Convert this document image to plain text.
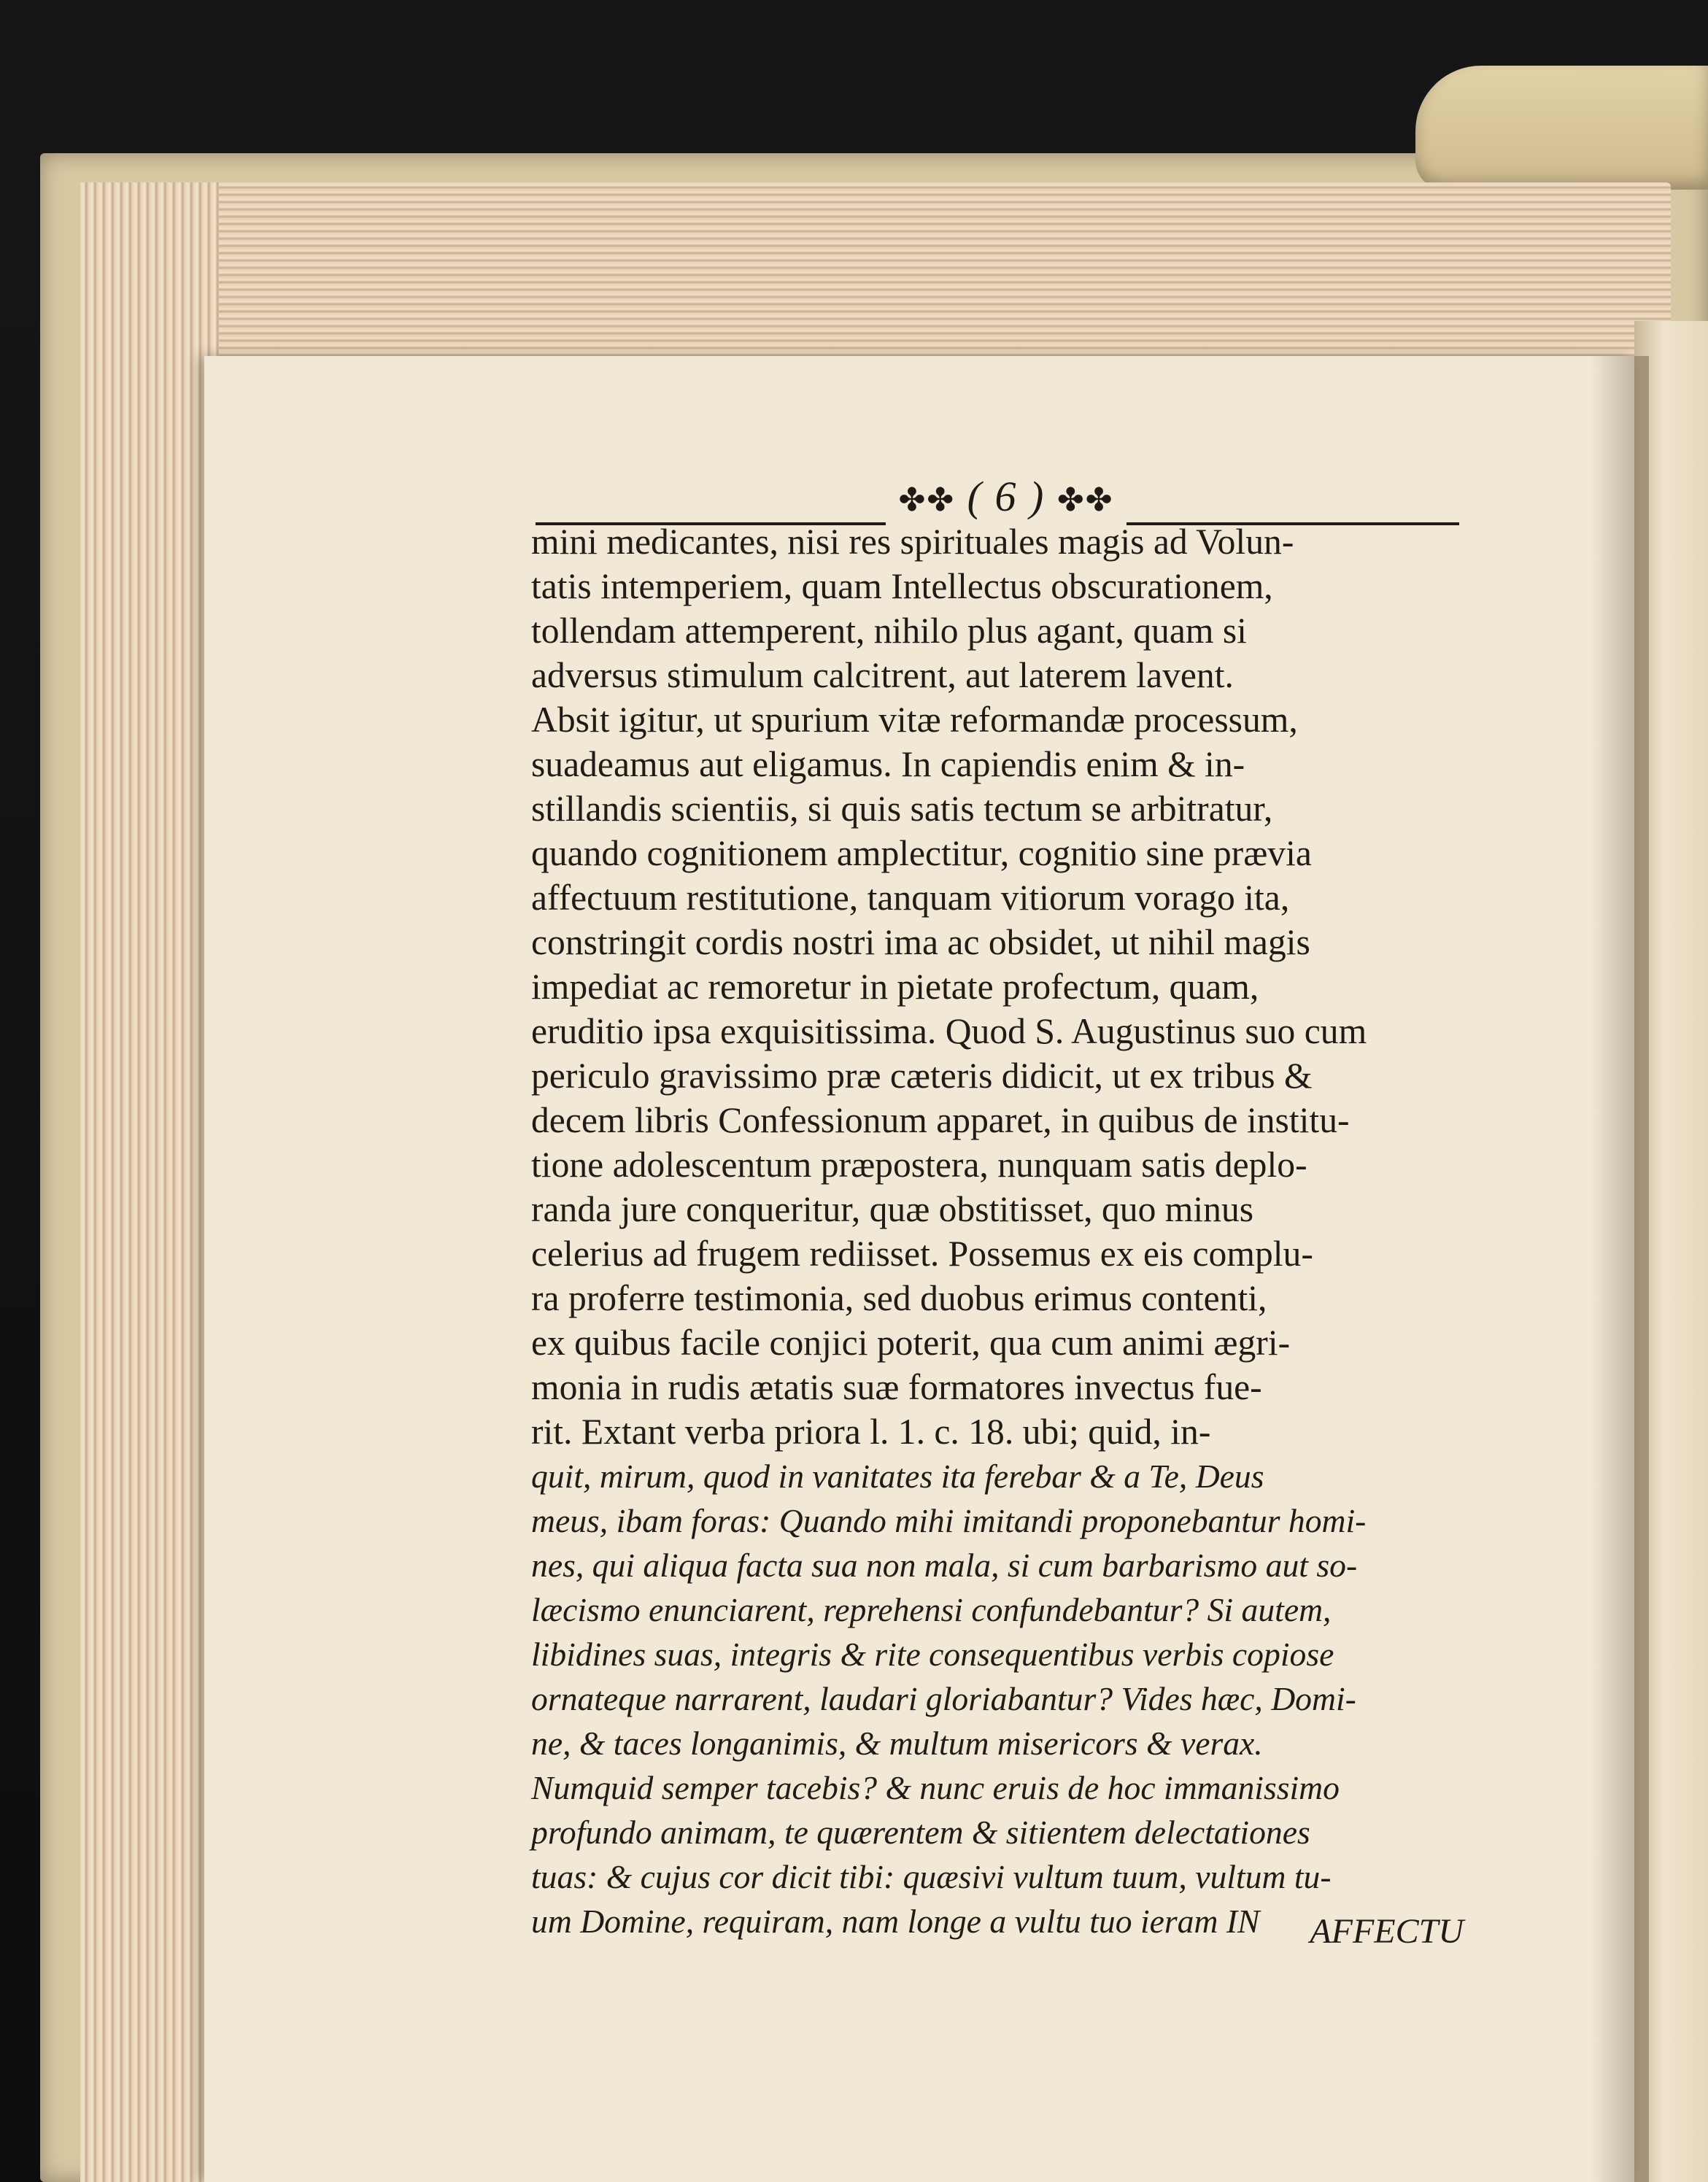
✤✤ ( 6 ) ✤✤
mini medicantes, nisi res spirituales magis ad Volun-
tatis intemperiem, quam Intellectus obscurationem,
tollendam attemperent, nihilo plus agant, quam si
adversus stimulum calcitrent, aut laterem lavent.
Absit igitur, ut spurium vitæ reformandæ processum,
suadeamus aut eligamus. In capiendis enim & in-
stillandis scientiis, si quis satis tectum se arbitratur,
quando cognitionem amplectitur, cognitio sine prævia
affectuum restitutione, tanquam vitiorum vorago ita,
constringit cordis nostri ima ac obsidet, ut nihil magis
impediat ac remoretur in pietate profectum, quam,
eruditio ipsa exquisitissima. Quod S. Augustinus suo cum
periculo gravissimo præ cæteris didicit, ut ex tribus &
decem libris Confessionum apparet, in quibus de institu-
tione adolescentum præpostera, nunquam satis deplo-
randa jure conqueritur, quæ obstitisset, quo minus
celerius ad frugem rediisset. Possemus ex eis complu-
ra proferre testimonia, sed duobus erimus contenti,
ex quibus facile conjici poterit, qua cum animi ægri-
monia in rudis ætatis suæ formatores invectus fue-
rit. Extant verba priora l. 1. c. 18. ubi; quid, in-
quit, mirum, quod in vanitates ita ferebar & a Te, Deus
meus, ibam foras: Quando mihi imitandi proponebantur homi-
nes, qui aliqua facta sua non mala, si cum barbarismo aut so-
læcismo enunciarent, reprehensi confundebantur? Si autem,
libidines suas, integris & rite consequentibus verbis copiose
ornateque narrarent, laudari gloriabantur? Vides hæc, Domi-
ne, & taces longanimis, & multum misericors & verax.
Numquid semper tacebis? & nunc eruis de hoc immanissimo
profundo animam, te quærentem & sitientem delectationes
tuas: & cujus cor dicit tibi: quæsivi vultum tuum, vultum tu-
um Domine, requiram, nam longe a vultu tuo ieram IN	AFFECTU
